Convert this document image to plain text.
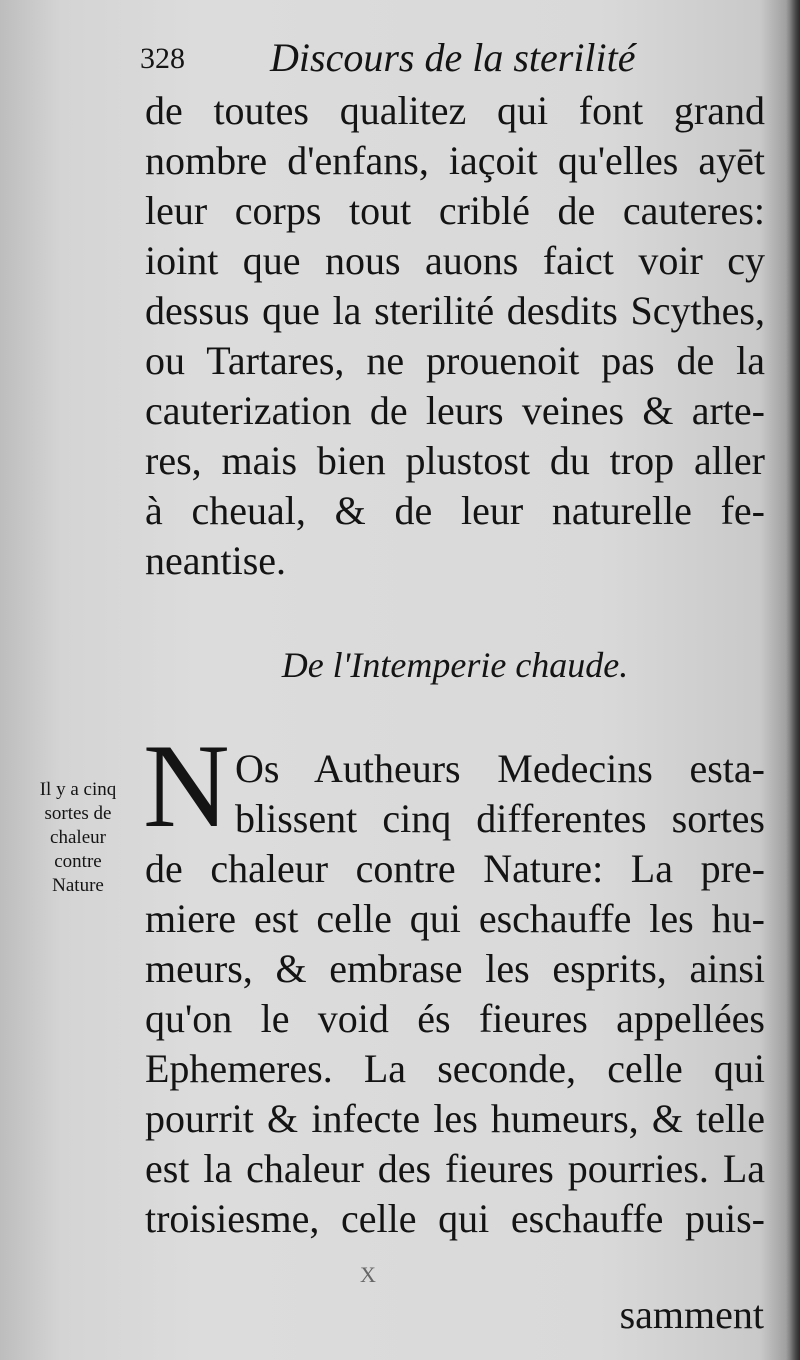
328 Discours de la sterilité
de toutes qualitez qui font grand
nombre d'enfans, iaçoit qu'elles ayēt
leur corps tout criblé de cauteres:
ioint que nous auons faict voir cy
dessus que la sterilité desdits Scythes,
ou Tartares, ne prouenoit pas de la
cauterization de leurs veines & arte-
res, mais bien plustost du trop aller
à cheual, & de leur naturelle fe-
neantise.
De l'Intemperie chaude.
N Os Autheurs Medecins esta-
blissent cinq differentes sortes
de chaleur contre Nature: La pre-
miere est celle qui eschauffe les hu-
meurs, & embrase les esprits, ainsi
qu'on le void és fieures appellées
Ephemeres. La seconde, celle qui
pourrit & infecte les humeurs, & telle
est la chaleur des fieures pourries. La
troisiesme, celle qui eschauffe puis-
Il y a cinq
sortes de
chaleur
contre
Nature
X
samment
